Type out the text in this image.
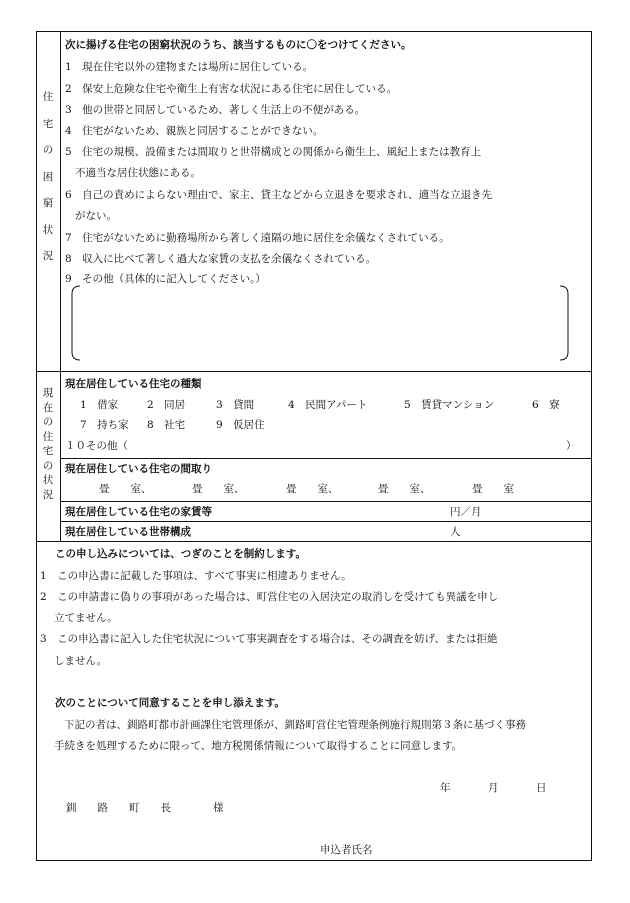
住
宅
の
困
窮
状
況
次に揚げる住宅の困窮状況のうち、該当するものに〇をつけてください。
1　現在住宅以外の建物または場所に居住している。
2　保安上危険な住宅や衛生上有害な状況にある住宅に居住している。
3　他の世帯と同居しているため、著しく生活上の不便がある。
4　住宅がないため、親族と同居することができない。
5　住宅の規模、設備または間取りと世帯構成との関係から衛生上、風紀上または教育上
不適当な居住状態にある。
6　自己の責めによらない理由で、家主、貸主などから立退きを要求され、適当な立退き先
がない。
7　住宅がないために勤務場所から著しく遠隔の地に居住を余儀なくされている。
8　収入に比べて著しく過大な家賃の支払を余儀なくされている。
9　その他（具体的に記入してください。）
現
在
の
住
宅
の
状
況
現在居住している住宅の種類
1　借家	2　同居	3　貸間	4　民間アパート	5　賃貸マンション	6　寮
7　持ち家 8　社宅	9　仮居住
１０その他（	）
現在居住している住宅の間取り
畳　　室、	畳　　室、	畳　　室、	畳　　室、	畳　　室
現在居住している住宅の家賃等	円／月
現在居住している世帯構成	人
この申し込みについては、つぎのことを制約します。
1　この申込書に記載した事項は、すべて事実に相違ありません。
2　この申請書に偽りの事項があった場合は、町営住宅の入居決定の取消しを受けても異議を申し
立てません。
3　この申込書に記入した住宅状況について事実調査をする場合は、その調査を妨げ、または拒絶
しません。
次のことについて同意することを申し添えます。
下記の者は、釧路町都市計画課住宅管理係が、釧路町営住宅管理条例施行規則第３条に基づく事務
手続きを処理するために限って、地方税関係情報について取得することに同意します。
年	月	日
釧　　路　　町　　長　　　　様
申込者氏名
